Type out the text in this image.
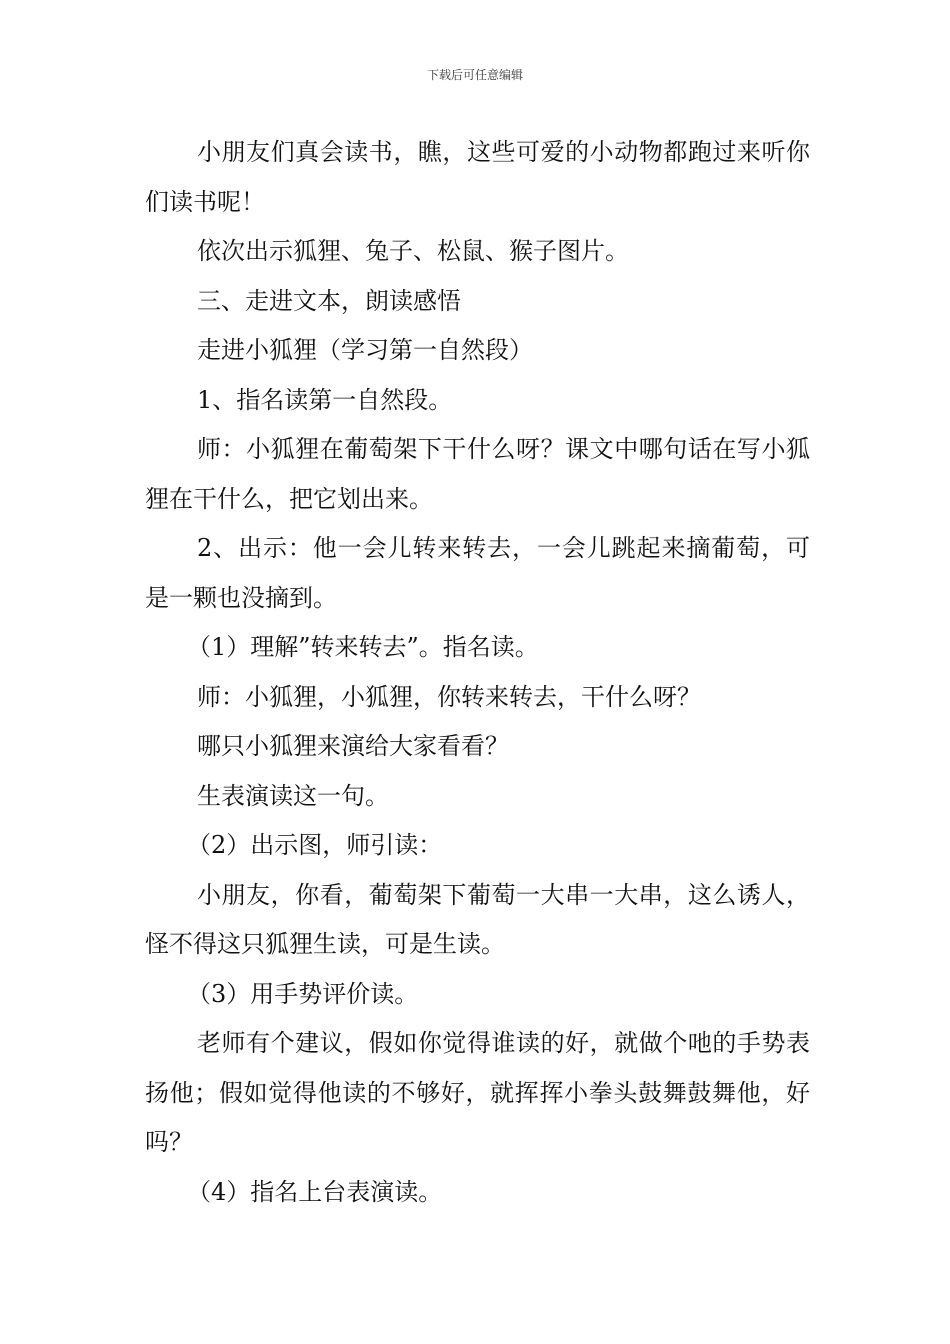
下载后可任意编辑

小朋友们真会读书，瞧，这些可爱的小动物都跑过来听你们读书呢！

依次出示狐狸、兔子、松鼠、猴子图片。

三、走进文本，朗读感悟

走进小狐狸（学习第一自然段）

1、指名读第一自然段。

师：小狐狸在葡萄架下干什么呀？课文中哪句话在写小狐狸在干什么，把它划出来。

2、出示：他一会儿转来转去，一会儿跳起来摘葡萄，可是一颗也没摘到。

（1）理解”转来转去”。指名读。

师：小狐狸，小狐狸，你转来转去，干什么呀？

哪只小狐狸来演给大家看看？

生表演读这一句。

（2）出示图，师引读：

小朋友，你看，葡萄架下葡萄一大串一大串，这么诱人，怪不得这只狐狸生读，可是生读。

（3）用手势评价读。

老师有个建议，假如你觉得谁读的好，就做个吔的手势表扬他；假如觉得他读的不够好，就挥挥小拳头鼓舞鼓舞他，好吗？

（4）指名上台表演读。
